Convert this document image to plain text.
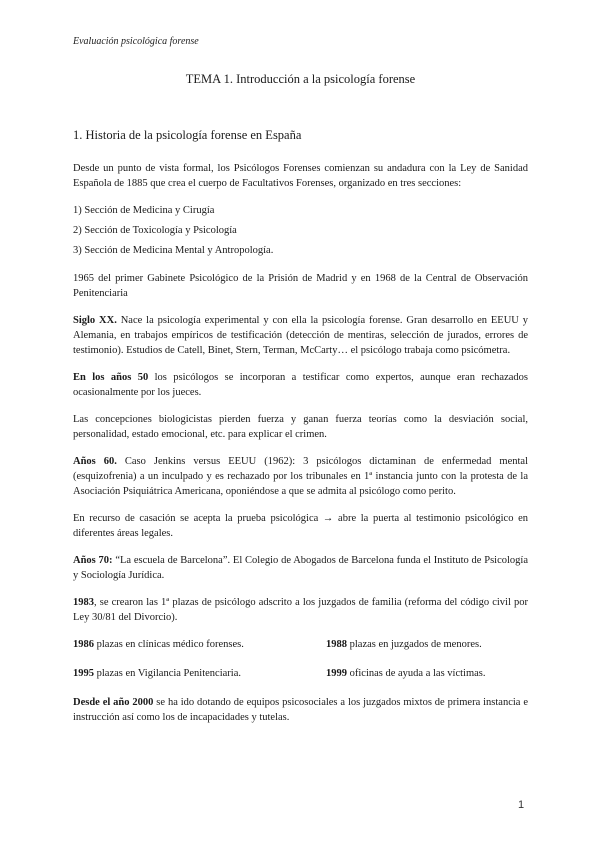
Evaluación psicológica forense

TEMA 1. Introducción a la psicología forense

1. Historia de la psicología forense en España

Desde un punto de vista formal, los Psicólogos Forenses comienzan su andadura con la Ley de Sanidad Española de 1885 que crea el cuerpo de Facultativos Forenses, organizado en tres secciones:

1) Sección de Medicina y Cirugía

2) Sección de Toxicología y Psicología

3) Sección de Medicina Mental y Antropología.

1965 del primer Gabinete Psicológico de la Prisión de Madrid y en 1968 de la Central de Observación Penitenciaria

Siglo XX. Nace la psicología experimental y con ella la psicología forense. Gran desarrollo en EEUU y Alemania, en trabajos empíricos de testificación (detección de mentiras, selección de jurados, errores de testimonio). Estudios de Catell, Binet, Stern, Terman, McCarty… el psicólogo trabaja como psicómetra.

En los años 50 los psicólogos se incorporan a testificar como expertos, aunque eran rechazados ocasionalmente por los jueces.

Las concepciones biologicistas pierden fuerza y ganan fuerza teorías como la desviación social, personalidad, estado emocional, etc. para explicar el crimen.

Años 60. Caso Jenkins versus EEUU (1962): 3 psicólogos dictaminan de enfermedad mental (esquizofrenia) a un inculpado y es rechazado por los tribunales en 1ª instancia junto con la protesta de la Asociación Psiquiátrica Americana, oponiéndose a que se admita al psicólogo como perito.

En recurso de casación se acepta la prueba psicológica → abre la puerta al testimonio psicológico en diferentes áreas legales.

Años 70: “La escuela de Barcelona”. El Colegio de Abogados de Barcelona funda el Instituto de Psicología y Sociología Jurídica.

1983, se crearon las 1ª plazas de psicólogo adscrito a los juzgados de familia (reforma del código civil por Ley 30/81 del Divorcio).

1986 plazas en clínicas médico forenses.	1988 plazas en juzgados de menores.
1995 plazas en Vigilancia Penitenciaria.	1999 oficinas de ayuda a las víctimas.

Desde el año 2000 se ha ido dotando de equipos psicosociales a los juzgados mixtos de primera instancia e instrucción así como los de incapacidades y tutelas.

1
